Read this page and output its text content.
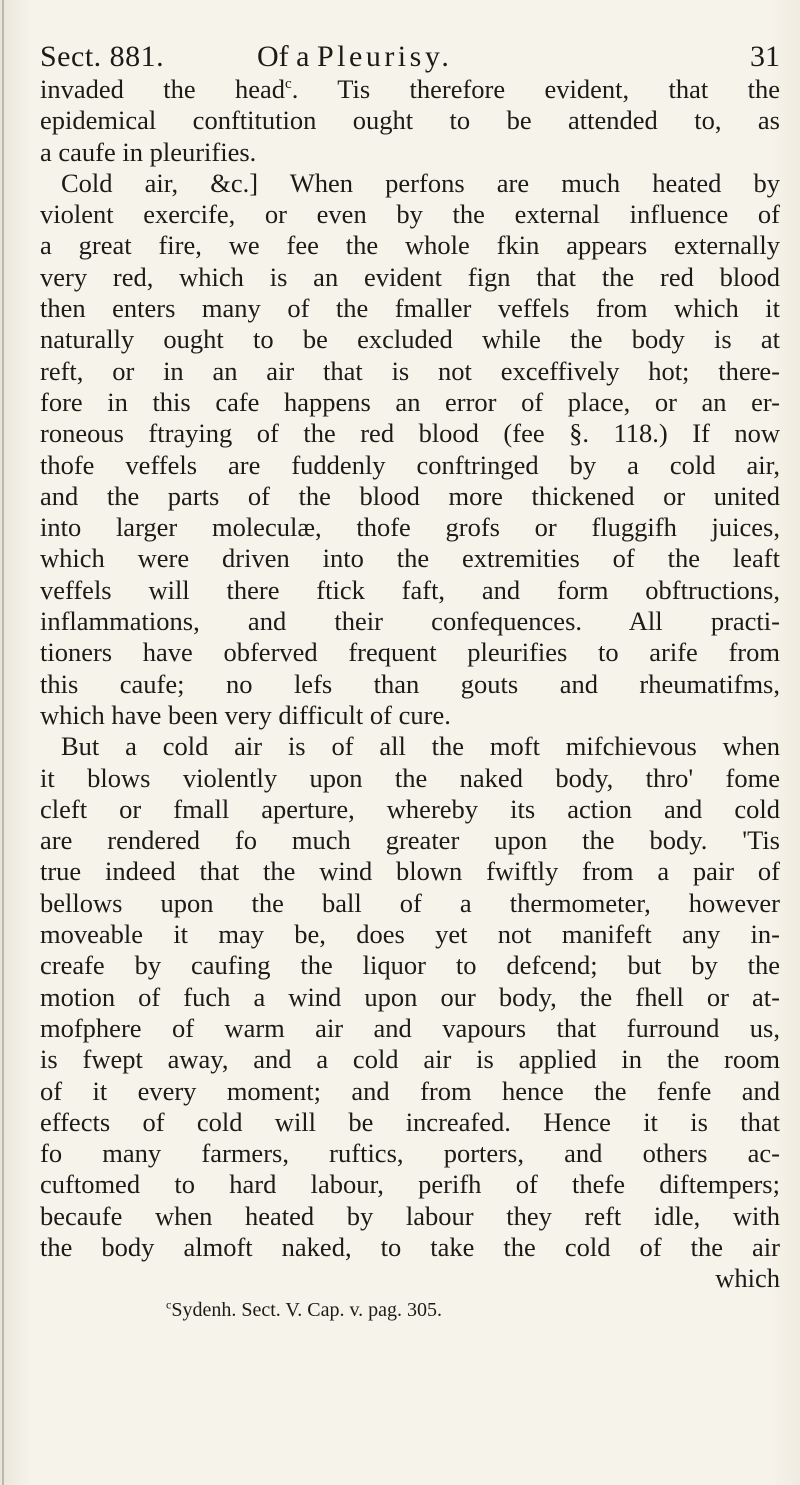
Sect. 881.	Of a Pleurisy.	31
invaded the head$^c$. Tis therefore evident, that the
epidemical conftitution ought to be attended to, as
a caufe in pleurifies.
Cold air, &c.] When perfons are much heated by
violent exercife, or even by the external influence of
a great fire, we fee the whole fkin appears externally
very red, which is an evident fign that the red blood
then enters many of the fmaller veffels from which it
naturally ought to be excluded while the body is at
reft, or in an air that is not exceffively hot; there-
fore in this cafe happens an error of place, or an er-
roneous ftraying of the red blood (fee §. 118.) If now
thofe veffels are fuddenly conftringed by a cold air,
and the parts of the blood more thickened or united
into larger moleculæ, thofe grofs or fluggifh juices,
which were driven into the extremities of the leaft
veffels will there ftick faft, and form obftructions,
inflammations, and their confequences. All practi-
tioners have obferved frequent pleurifies to arife from
this caufe; no lefs than gouts and rheumatifms,
which have been very difficult of cure.
But a cold air is of all the moft mifchievous when
it blows violently upon the naked body, thro' fome
cleft or fmall aperture, whereby its action and cold
are rendered fo much greater upon the body. 'Tis
true indeed that the wind blown fwiftly from a pair of
bellows upon the ball of a thermometer, however
moveable it may be, does yet not manifeft any in-
creafe by caufing the liquor to defcend; but by the
motion of fuch a wind upon our body, the fhell or at-
mofphere of warm air and vapours that furround us,
is fwept away, and a cold air is applied in the room
of it every moment; and from hence the fenfe and
effects of cold will be increafed. Hence it is that
fo many farmers, ruftics, porters, and others ac-
cuftomed to hard labour, perifh of thefe diftempers;
becaufe when heated by labour they reft idle, with
the body almoft naked, to take the cold of the air
which
$^c$Sydenh. Sect. V. Cap. v. pag. 305.
